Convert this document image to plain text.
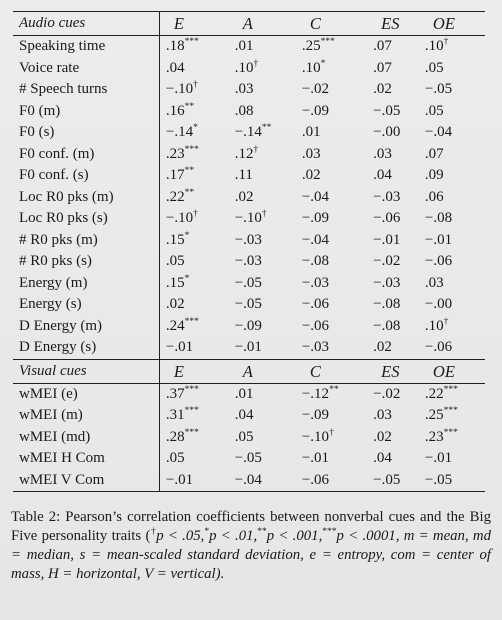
Audio cues	E	A	C	ES	OE
Speaking time	.18***	.01	.25***	.07	.10†
Voice rate	.04	.10†	.10*	.07	.05
# Speech turns	−.10†	.03	−.02	.02	−.05
F0 (m)	.16**	.08	−.09	−.05	.05
F0 (s)	−.14*	−.14**	.01	−.00	−.04
F0 conf. (m)	.23***	.12†	.03	.03	.07
F0 conf. (s)	.17**	.11	.02	.04	.09
Loc R0 pks (m)	.22**	.02	−.04	−.03	.06
Loc R0 pks (s)	−.10†	−.10†	−.09	−.06	−.08
# R0 pks (m)	.15*	−.03	−.04	−.01	−.01
# R0 pks (s)	.05	−.03	−.08	−.02	−.06
Energy (m)	.15*	−.05	−.03	−.03	.03
Energy (s)	.02	−.05	−.06	−.08	−.00
D Energy (m)	.24***	−.09	−.06	−.08	.10†
D Energy (s)	−.01	−.01	−.03	.02	−.06
Visual cues	E	A	C	ES	OE
wMEI (e)	.37***	.01	−.12**	−.02	.22***
wMEI (m)	.31***	.04	−.09	.03	.25***
wMEI (md)	.28***	.05	−.10†	.02	.23***
wMEI H Com	.05	−.05	−.01	.04	−.01
wMEI V Com	−.01	−.04	−.06	−.05	−.05
Table 2: Pearson’s correlation coefficients between nonverbal cues and the Big Five personality traits (†p < .05,*p < .01,**p < .001,***p < .0001, m = mean, md = median, s = mean-scaled standard deviation, e = entropy, com = center of mass, H = horizontal, V = vertical).
